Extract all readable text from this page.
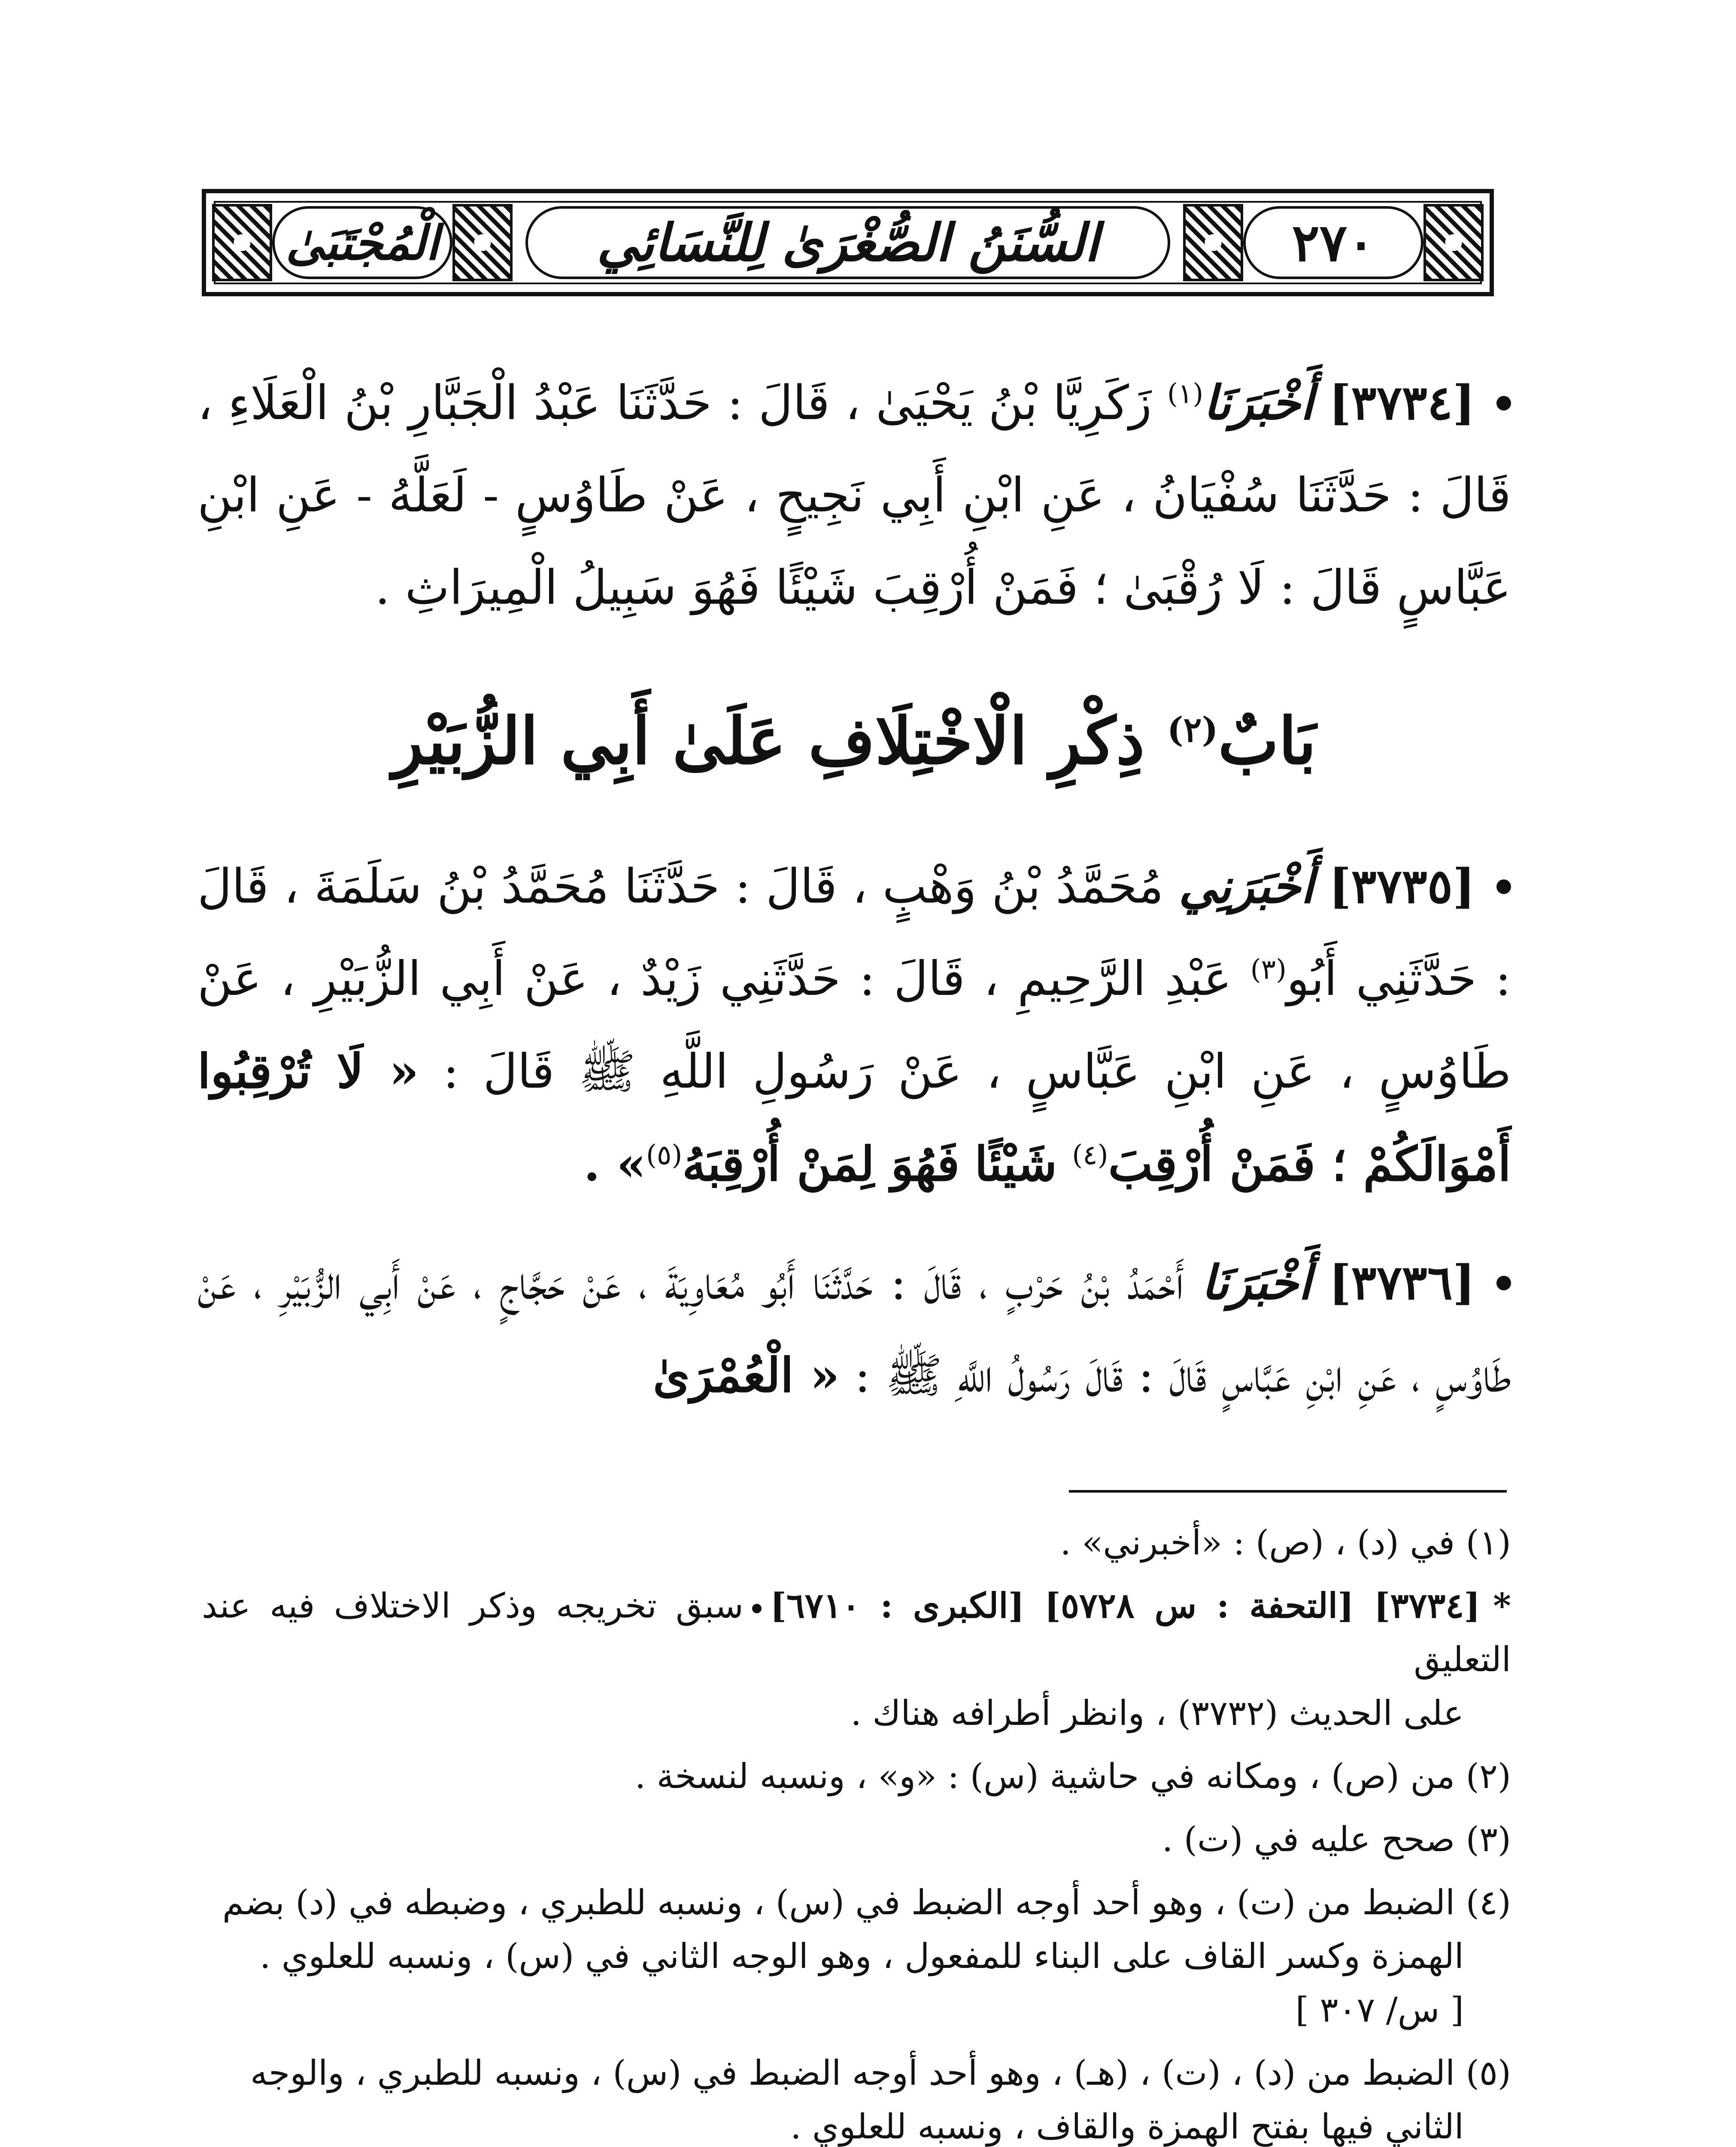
٢٧٠
السُّنَنُ الصُّغْرَىٰ لِلنَّسَائِي
الْمُجْتَبَىٰ

[٣٧٣٤] أَخْبَرَنَا$^{(١)}$ زَكَرِيَّا بْنُ يَحْيَىٰ ، قَالَ : حَدَّثَنَا عَبْدُ الْجَبَّارِ بْنُ الْعَلَاءِ ، قَالَ : حَدَّثَنَا سُفْيَانُ ، عَنِ ابْنِ أَبِي نَجِيحٍ ، عَنْ طَاوُسٍ - لَعَلَّهُ - عَنِ ابْنِ عَبَّاسٍ قَالَ : لَا رُقْبَىٰ ؛ فَمَنْ أُرْقِبَ شَيْئًا فَهُوَ سَبِيلُ الْمِيرَاثِ .

بَابٌ$^{(٢)}$ ذِكْرِ الْاخْتِلَافِ عَلَىٰ أَبِي الزُّبَيْرِ

[٣٧٣٥] أَخْبَرَنِي مُحَمَّدُ بْنُ وَهْبٍ ، قَالَ : حَدَّثَنَا مُحَمَّدُ بْنُ سَلَمَةَ ، قَالَ : حَدَّثَنِي أَبُو$^{(٣)}$ عَبْدِ الرَّحِيمِ ، قَالَ : حَدَّثَنِي زَيْدٌ ، عَنْ أَبِي الزُّبَيْرِ ، عَنْ طَاوُسٍ ، عَنِ ابْنِ عَبَّاسٍ ، عَنْ رَسُولِ اللَّهِ ﷺ قَالَ : « لَا تُرْقِبُوا أَمْوَالَكُمْ ؛ فَمَنْ أُرْقِبَ$^{(٤)}$ شَيْئًا فَهُوَ لِمَنْ أُرْقِبَهُ$^{(٥)}$» .

[٣٧٣٦] أَخْبَرَنَا أَحْمَدُ بْنُ حَرْبٍ ، قَالَ : حَدَّثَنَا أَبُو مُعَاوِيَةَ ، عَنْ حَجَّاجٍ ، عَنْ أَبِي الزُّبَيْرِ ، عَنْ طَاوُسٍ ، عَنِ ابْنِ عَبَّاسٍ قَالَ : قَالَ رَسُولُ اللَّهِ ﷺ : « الْعُمْرَىٰ

(١) في (د) ، (ص) : «أخبرني» .

*[٣٧٣٤] [التحفة : س ٥٧٢٨] [الكبرى : ٦٧١٠]سبق تخريجه وذكر الاختلاف فيه عند التعليق
على الحديث (٣٧٣٢) ، وانظر أطرافه هناك .

(٢) من (ص) ، ومكانه في حاشية (س) : «و» ، ونسبه لنسخة .

(٣) صحح عليه في (ت) .

(٤) الضبط من (ت) ، وهو أحد أوجه الضبط في (س) ، ونسبه للطبري ، وضبطه في (د) بضم
الهمزة وكسر القاف على البناء للمفعول ، وهو الوجه الثاني في (س) ، ونسبه للعلوي .
[ س/ ٣٠٧ ]

(٥) الضبط من (د) ، (ت) ، (هـ) ، وهو أحد أوجه الضبط في (س) ، ونسبه للطبري ، والوجه
الثاني فيها بفتح الهمزة والقاف ، ونسبه للعلوي .
